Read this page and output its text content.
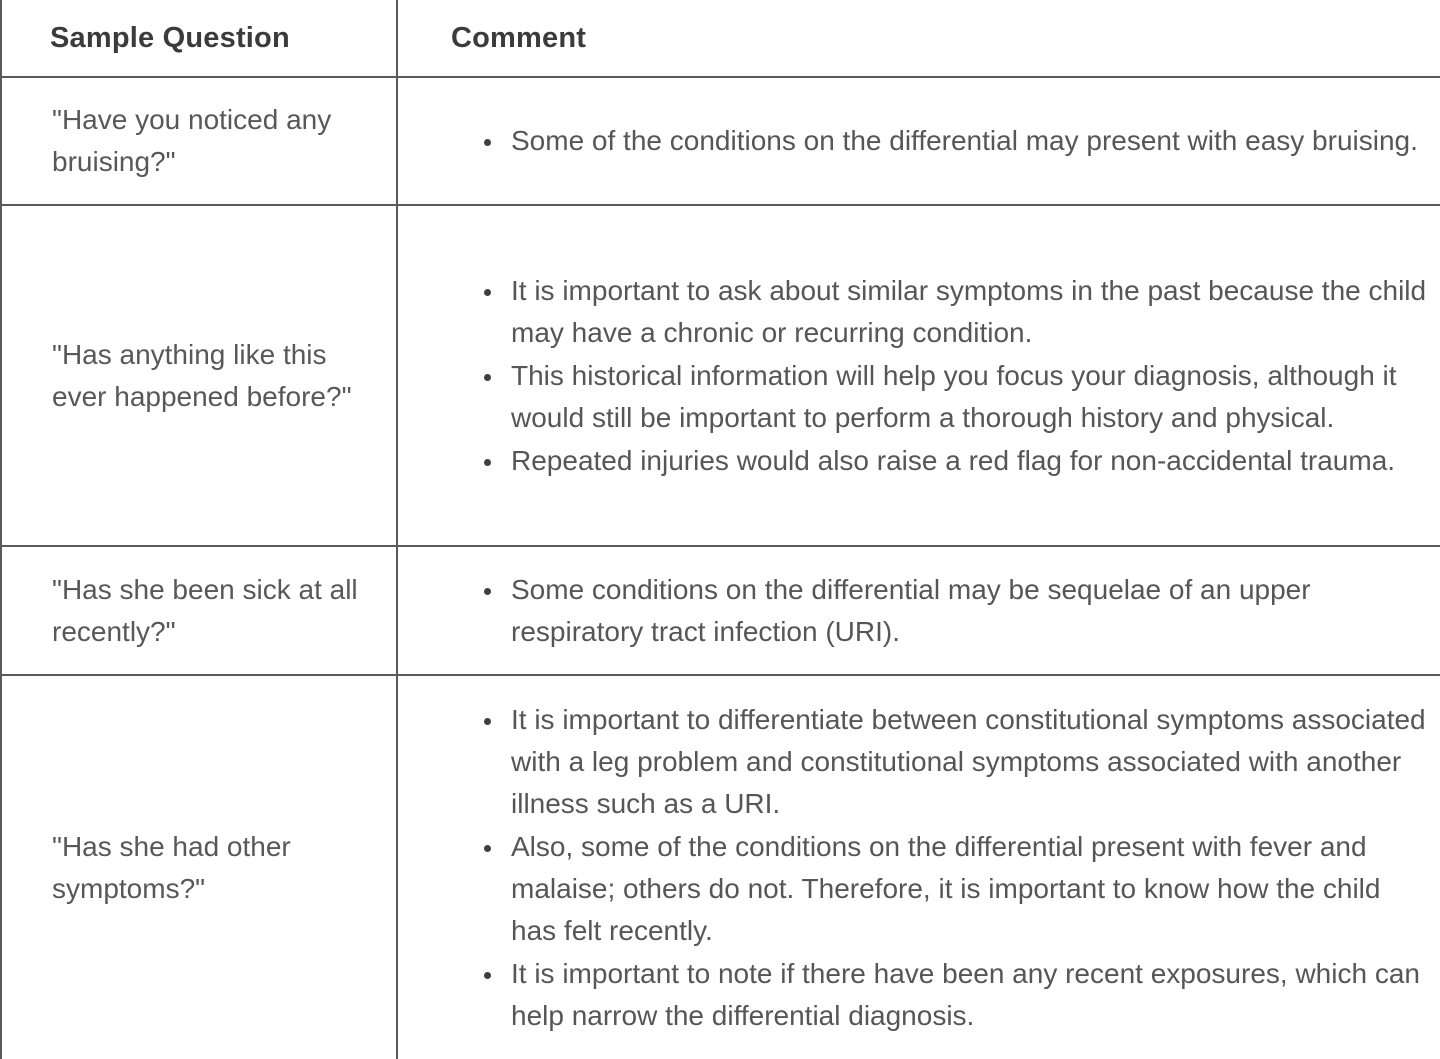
Sample Question	Comment
"Have you noticed any bruising?"	
• Some of the conditions on the differential may present with easy bruising.

"Has anything like this ever happened before?"	
• It is important to ask about similar symptoms in the past because the child may have a chronic or recurring condition.
• This historical information will help you focus your diagnosis, although it would still be important to perform a thorough history and physical.
• Repeated injuries would also raise a red flag for non-accidental trauma.

"Has she been sick at all recently?"	
• Some conditions on the differential may be sequelae of an upper respiratory tract infection (URI).

"Has she had other symptoms?"	
• It is important to differentiate between constitutional symptoms associated with a leg problem and constitutional symptoms associated with another illness such as a URI.
• Also, some of the conditions on the differential present with fever and malaise; others do not. Therefore, it is important to know how the child has felt recently.
• It is important to note if there have been any recent exposures, which can help narrow the differential diagnosis.
